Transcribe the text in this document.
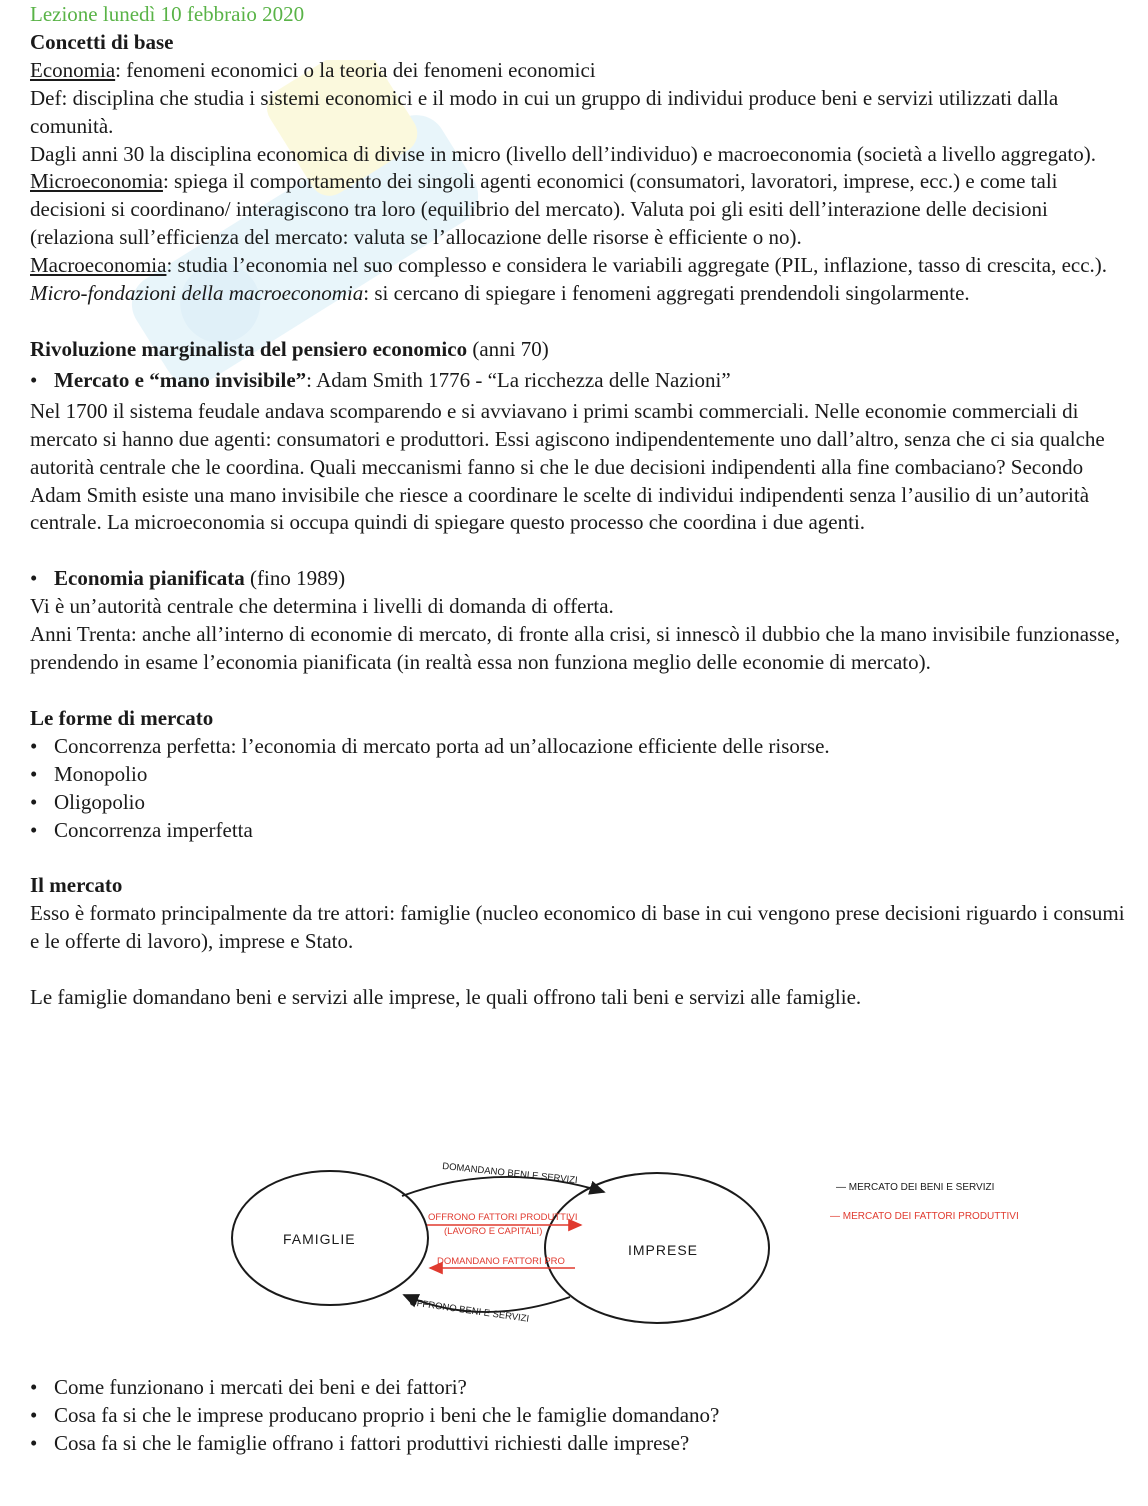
Lezione lunedì 10 febbraio 2020

Concetti di base

Economia: fenomeni economici o la teoria dei fenomeni economici

Def: disciplina che studia i sistemi economici e il modo in cui un gruppo di individui produce beni e servizi utilizzati dalla comunità.

Dagli anni 30 la disciplina economica di divise in micro (livello dell’individuo) e macroeconomia (società a livello aggregato).

Microeconomia: spiega il comportamento dei singoli agenti economici (consumatori, lavoratori, imprese, ecc.) e come tali decisioni si coordinano/ interagiscono tra loro (equilibrio del mercato). Valuta poi gli esiti dell’interazione delle decisioni (relaziona sull’efficienza del mercato: valuta se l’allocazione delle risorse è efficiente o no).

Macroeconomia: studia l’economia nel suo complesso e considera le variabili aggregate (PIL, inflazione, tasso di crescita, ecc.). Micro-fondazioni della macroeconomia: si cercano di spiegare i fenomeni aggregati prendendoli singolarmente.

Rivoluzione marginalista del pensiero economico (anni 70)

• Mercato e “mano invisibile”: Adam Smith 1776 - “La ricchezza delle Nazioni”

Nel 1700 il sistema feudale andava scomparendo e si avviavano i primi scambi commerciali. Nelle economie commerciali di mercato si hanno due agenti: consumatori e produttori. Essi agiscono indipendentemente uno dall’altro, senza che ci sia qualche autorità centrale che le coordina. Quali meccanismi fanno si che le due decisioni indipendenti alla fine combaciano? Secondo Adam Smith esiste una mano invisibile che riesce a coordinare le scelte di individui indipendenti senza l’ausilio di un’autorità centrale. La microeconomia si occupa quindi di spiegare questo processo che coordina i due agenti.

• Economia pianificata (fino 1989)

Vi è un’autorità centrale che determina i livelli di domanda di offerta.

Anni Trenta: anche all’interno di economie di mercato, di fronte alla crisi, si innescò il dubbio che la mano invisibile funzionasse, prendendo in esame l’economia pianificata (in realtà essa non funziona meglio delle economie di mercato).

Le forme di mercato

• Concorrenza perfetta: l’economia di mercato porta ad un’allocazione efficiente delle risorse.
• Monopolio
• Oligopolio
• Concorrenza imperfetta

Il mercato

Esso è formato principalmente da tre attori: famiglie (nucleo economico di base in cui vengono prese decisioni riguardo i consumi e le offerte di lavoro), imprese e Stato.

Le famiglie domandano beni e servizi alle imprese, le quali offrono tali beni e servizi alle famiglie.

FAMIGLIE
IMPRESE
DOMANDANO BENI E SERVIZI
OFFRONO BENI E SERVIZI
OFFRONO FATTORI PRODUTTIVI
(LAVORO E CAPITALI)
DOMANDANO FATTORI PRO
— MERCATO DEI BENI E SERVIZI
— MERCATO DEI FATTORI PRODUTTIVI
• Come funzionano i mercati dei beni e dei fattori?
• Cosa fa si che le imprese producano proprio i beni che le famiglie domandano?
• Cosa fa si che le famiglie offrano i fattori produttivi richiesti dalle imprese?
